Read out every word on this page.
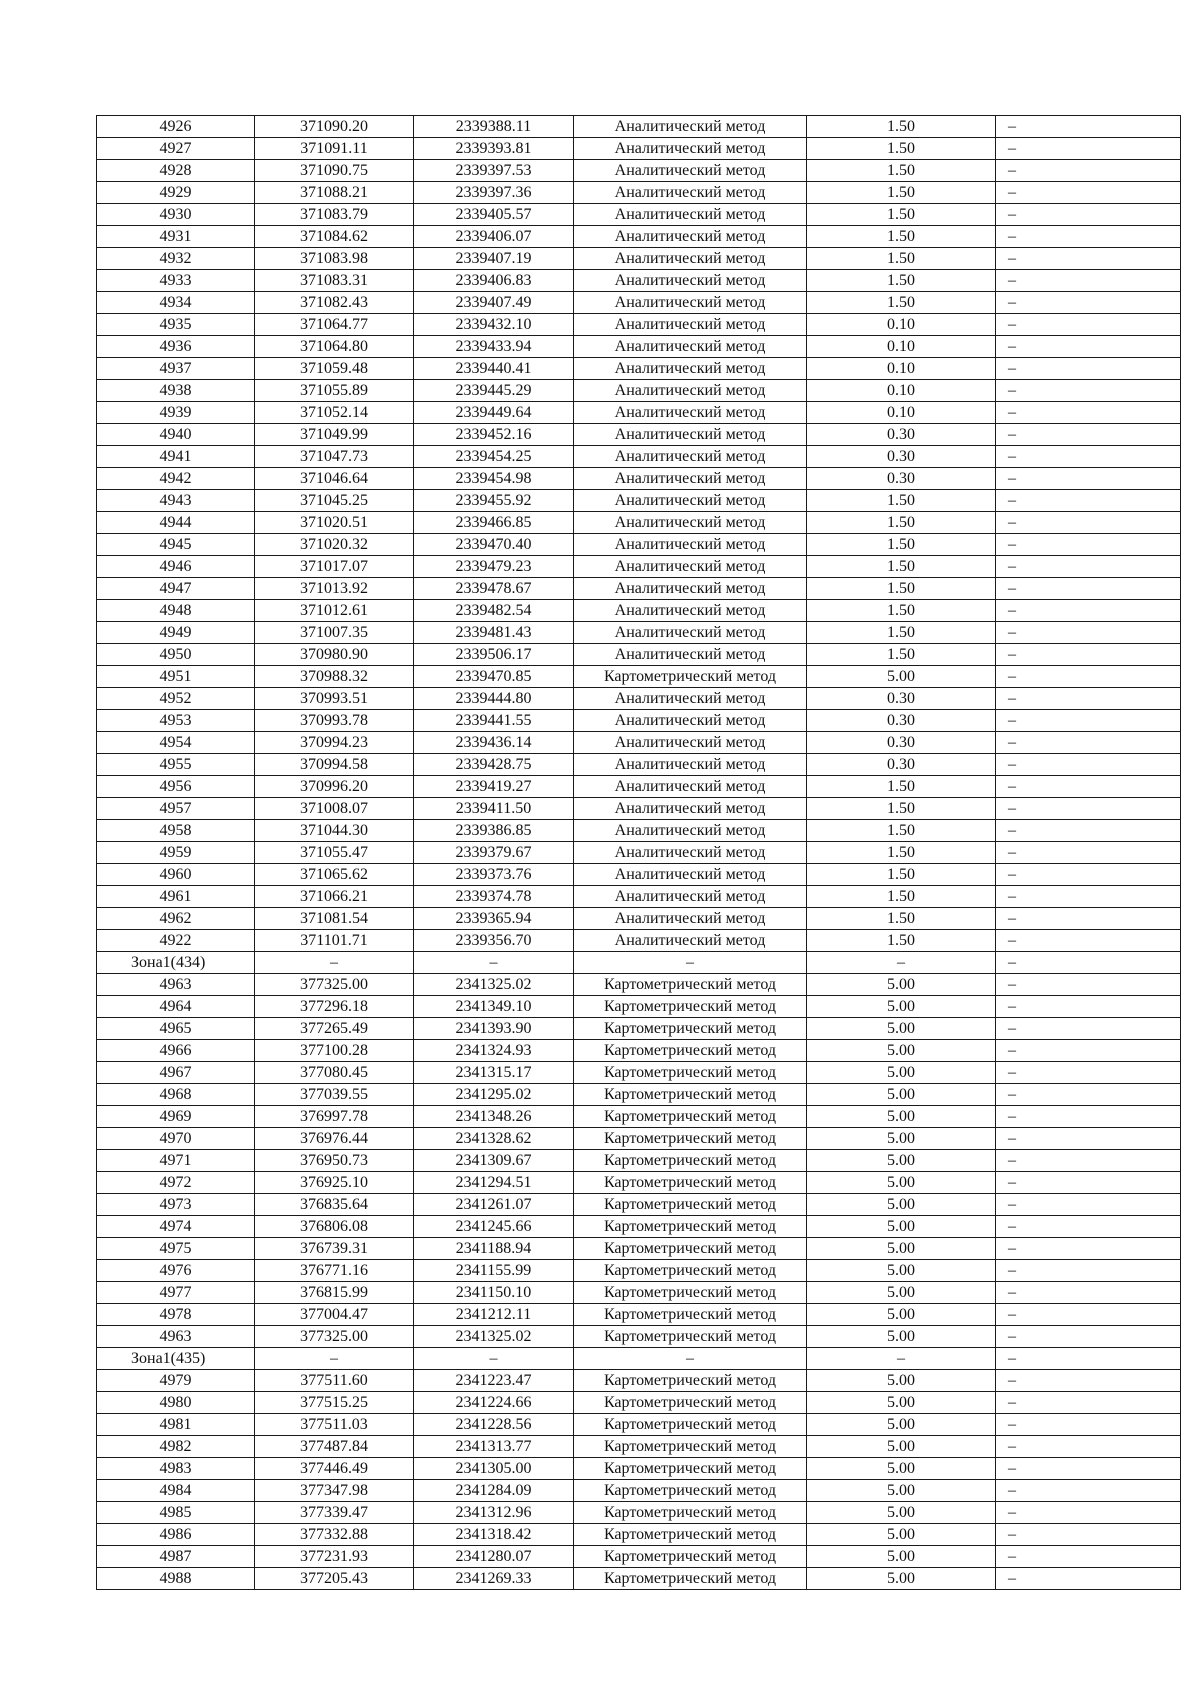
4926	371090.20	2339388.11	Аналитический метод	1.50	–
4927	371091.11	2339393.81	Аналитический метод	1.50	–
4928	371090.75	2339397.53	Аналитический метод	1.50	–
4929	371088.21	2339397.36	Аналитический метод	1.50	–
4930	371083.79	2339405.57	Аналитический метод	1.50	–
4931	371084.62	2339406.07	Аналитический метод	1.50	–
4932	371083.98	2339407.19	Аналитический метод	1.50	–
4933	371083.31	2339406.83	Аналитический метод	1.50	–
4934	371082.43	2339407.49	Аналитический метод	1.50	–
4935	371064.77	2339432.10	Аналитический метод	0.10	–
4936	371064.80	2339433.94	Аналитический метод	0.10	–
4937	371059.48	2339440.41	Аналитический метод	0.10	–
4938	371055.89	2339445.29	Аналитический метод	0.10	–
4939	371052.14	2339449.64	Аналитический метод	0.10	–
4940	371049.99	2339452.16	Аналитический метод	0.30	–
4941	371047.73	2339454.25	Аналитический метод	0.30	–
4942	371046.64	2339454.98	Аналитический метод	0.30	–
4943	371045.25	2339455.92	Аналитический метод	1.50	–
4944	371020.51	2339466.85	Аналитический метод	1.50	–
4945	371020.32	2339470.40	Аналитический метод	1.50	–
4946	371017.07	2339479.23	Аналитический метод	1.50	–
4947	371013.92	2339478.67	Аналитический метод	1.50	–
4948	371012.61	2339482.54	Аналитический метод	1.50	–
4949	371007.35	2339481.43	Аналитический метод	1.50	–
4950	370980.90	2339506.17	Аналитический метод	1.50	–
4951	370988.32	2339470.85	Картометрический метод	5.00	–
4952	370993.51	2339444.80	Аналитический метод	0.30	–
4953	370993.78	2339441.55	Аналитический метод	0.30	–
4954	370994.23	2339436.14	Аналитический метод	0.30	–
4955	370994.58	2339428.75	Аналитический метод	0.30	–
4956	370996.20	2339419.27	Аналитический метод	1.50	–
4957	371008.07	2339411.50	Аналитический метод	1.50	–
4958	371044.30	2339386.85	Аналитический метод	1.50	–
4959	371055.47	2339379.67	Аналитический метод	1.50	–
4960	371065.62	2339373.76	Аналитический метод	1.50	–
4961	371066.21	2339374.78	Аналитический метод	1.50	–
4962	371081.54	2339365.94	Аналитический метод	1.50	–
4922	371101.71	2339356.70	Аналитический метод	1.50	–
Зона1(434)	–	–	–	–	–
4963	377325.00	2341325.02	Картометрический метод	5.00	–
4964	377296.18	2341349.10	Картометрический метод	5.00	–
4965	377265.49	2341393.90	Картометрический метод	5.00	–
4966	377100.28	2341324.93	Картометрический метод	5.00	–
4967	377080.45	2341315.17	Картометрический метод	5.00	–
4968	377039.55	2341295.02	Картометрический метод	5.00	–
4969	376997.78	2341348.26	Картометрический метод	5.00	–
4970	376976.44	2341328.62	Картометрический метод	5.00	–
4971	376950.73	2341309.67	Картометрический метод	5.00	–
4972	376925.10	2341294.51	Картометрический метод	5.00	–
4973	376835.64	2341261.07	Картометрический метод	5.00	–
4974	376806.08	2341245.66	Картометрический метод	5.00	–
4975	376739.31	2341188.94	Картометрический метод	5.00	–
4976	376771.16	2341155.99	Картометрический метод	5.00	–
4977	376815.99	2341150.10	Картометрический метод	5.00	–
4978	377004.47	2341212.11	Картометрический метод	5.00	–
4963	377325.00	2341325.02	Картометрический метод	5.00	–
Зона1(435)	–	–	–	–	–
4979	377511.60	2341223.47	Картометрический метод	5.00	–
4980	377515.25	2341224.66	Картометрический метод	5.00	–
4981	377511.03	2341228.56	Картометрический метод	5.00	–
4982	377487.84	2341313.77	Картометрический метод	5.00	–
4983	377446.49	2341305.00	Картометрический метод	5.00	–
4984	377347.98	2341284.09	Картометрический метод	5.00	–
4985	377339.47	2341312.96	Картометрический метод	5.00	–
4986	377332.88	2341318.42	Картометрический метод	5.00	–
4987	377231.93	2341280.07	Картометрический метод	5.00	–
4988	377205.43	2341269.33	Картометрический метод	5.00	–
